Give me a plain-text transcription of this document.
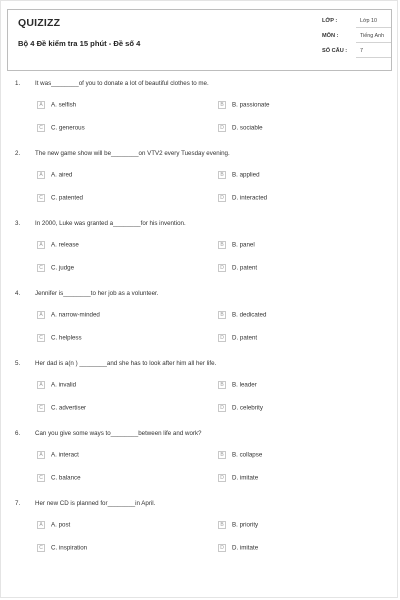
QUIZIZZ
Bộ 4 Đề kiểm tra 15 phút - Đề số 4
LỚP :	Lớp 10
MÔN :	Tiếng Anh
SỐ CÂU : 7
1. It was________of you to donate a lot of beautiful clothes to me.
A A. selfish	B B. passionate
C C. generous	D D. sociable
2. The new game show will be________on VTV2 every Tuesday evening.
A A. aired	B B. applied
C C. patented	D D. interacted
3. In 2000, Luke was granted a________for his invention.
A A. release	B B. panel
C C. judge	D D. patent
4. Jennifer is________to her job as a volunteer.
A A. narrow-minded	B B. dedicated
C C. helpless	D D. patent
5. Her dad is a(n ) ________and she has to look after him all her life.
A A. invalid	B B. leader
C C. advertiser	D D. celebrity
6. Can you give some ways to________between life and work?
A A. interact	B B. collapse
C C. balance	D D. imitate
7. Her new CD is planned for________in April.
A A. post	B B. priority
C C. inspiration	D D. imitate
